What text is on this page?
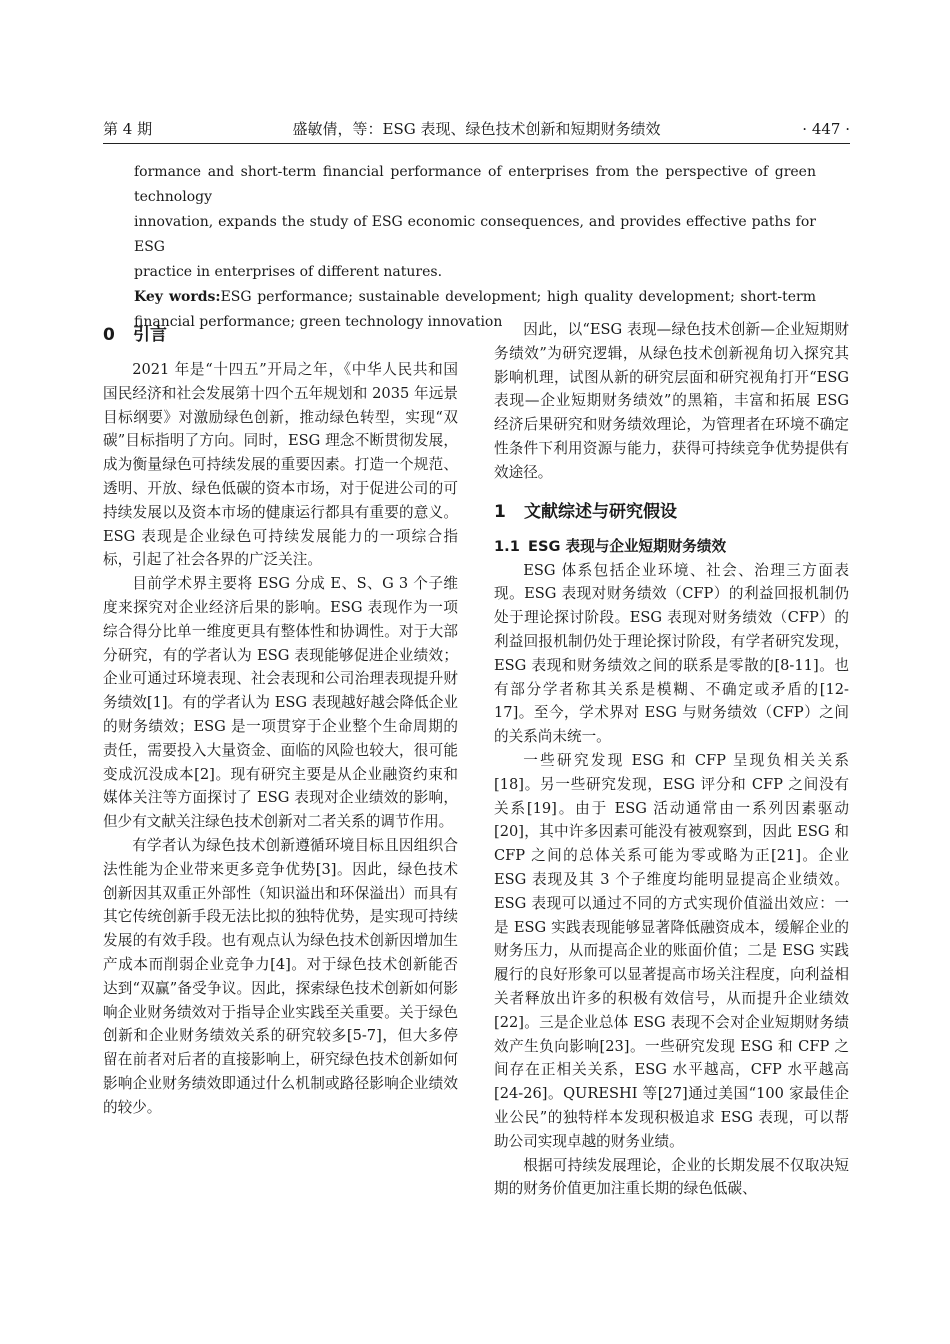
第 4 期	盛敏倩，等：ESG 表现、绿色技术创新和短期财务绩效	· 447 ·

formance and short-term financial performance of enterprises from the perspective of green technology

innovation, expands the study of ESG economic consequences, and provides effective paths for ESG

practice in enterprises of different natures.

Key words:ESG performance; sustainable development; high quality development; short-term financial performance; green technology innovation

0 引言

2021 年是“十四五”开局之年，《中华人民共和国国民经济和社会发展第十四个五年规划和 2035 年远景目标纲要》对激励绿色创新，推动绿色转型，实现“双碳”目标指明了方向。同时，ESG 理念不断贯彻发展，成为衡量绿色可持续发展的重要因素。打造一个规范、透明、开放、绿色低碳的资本市场，对于促进公司的可持续发展以及资本市场的健康运行都具有重要的意义。ESG 表现是企业绿色可持续发展能力的一项综合指标，引起了社会各界的广泛关注。

目前学术界主要将 ESG 分成 E、S、G 3 个子维度来探究对企业经济后果的影响。ESG 表现作为一项综合得分比单一维度更具有整体性和协调性。对于大部分研究，有的学者认为 ESG 表现能够促进企业绩效；企业可通过环境表现、社会表现和公司治理表现提升财务绩效[1]。有的学者认为 ESG 表现越好越会降低企业的财务绩效；ESG 是一项贯穿于企业整个生命周期的责任，需要投入大量资金、面临的风险也较大，很可能变成沉没成本[2]。现有研究主要是从企业融资约束和媒体关注等方面探讨了 ESG 表现对企业绩效的影响，但少有文献关注绿色技术创新对二者关系的调节作用。

有学者认为绿色技术创新遵循环境目标且因组织合法性能为企业带来更多竞争优势[3]。因此，绿色技术创新因其双重正外部性（知识溢出和环保溢出）而具有其它传统创新手段无法比拟的独特优势，是实现可持续发展的有效手段。也有观点认为绿色技术创新因增加生产成本而削弱企业竞争力[4]。对于绿色技术创新能否达到“双赢”备受争议。因此，探索绿色技术创新如何影响企业财务绩效对于指导企业实践至关重要。关于绿色创新和企业财务绩效关系的研究较多[5-7]，但大多停留在前者对后者的直接影响上，研究绿色技术创新如何影响企业财务绩效即通过什么机制或路径影响企业绩效的较少。

因此，以“ESG 表现—绿色技术创新—企业短期财务绩效”为研究逻辑，从绿色技术创新视角切入探究其影响机理，试图从新的研究层面和研究视角打开“ESG 表现—企业短期财务绩效”的黑箱，丰富和拓展 ESG 经济后果研究和财务绩效理论，为管理者在环境不确定性条件下利用资源与能力，获得可持续竞争优势提供有效途径。

1 文献综述与研究假设
1.1 ESG 表现与企业短期财务绩效

ESG 体系包括企业环境、社会、治理三方面表现。ESG 表现对财务绩效（CFP）的利益回报机制仍处于理论探讨阶段。ESG 表现对财务绩效（CFP）的利益回报机制仍处于理论探讨阶段，有学者研究发现，ESG 表现和财务绩效之间的联系是零散的[8-11]。也有部分学者称其关系是模糊、不确定或矛盾的[12-17]。至今，学术界对 ESG 与财务绩效（CFP）之间的关系尚未统一。

一些研究发现 ESG 和 CFP 呈现负相关关系[18]。另一些研究发现，ESG 评分和 CFP 之间没有关系[19]。由于 ESG 活动通常由一系列因素驱动[20]，其中许多因素可能没有被观察到，因此 ESG 和 CFP 之间的总体关系可能为零或略为正[21]。企业 ESG 表现及其 3 个子维度均能明显提高企业绩效。ESG 表现可以通过不同的方式实现价值溢出效应：一是 ESG 实践表现能够显著降低融资成本，缓解企业的财务压力，从而提高企业的账面价值；二是 ESG 实践履行的良好形象可以显著提高市场关注程度，向利益相关者释放出许多的积极有效信号，从而提升企业绩效[22]。三是企业总体 ESG 表现不会对企业短期财务绩效产生负向影响[23]。一些研究发现 ESG 和 CFP 之间存在正相关关系，ESG 水平越高，CFP 水平越高[24-26]。QURESHI 等[27]通过美国“100 家最佳企业公民”的独特样本发现积极追求 ESG 表现，可以帮助公司实现卓越的财务业绩。

根据可持续发展理论，企业的长期发展不仅取决短期的财务价值更加注重长期的绿色低碳、
